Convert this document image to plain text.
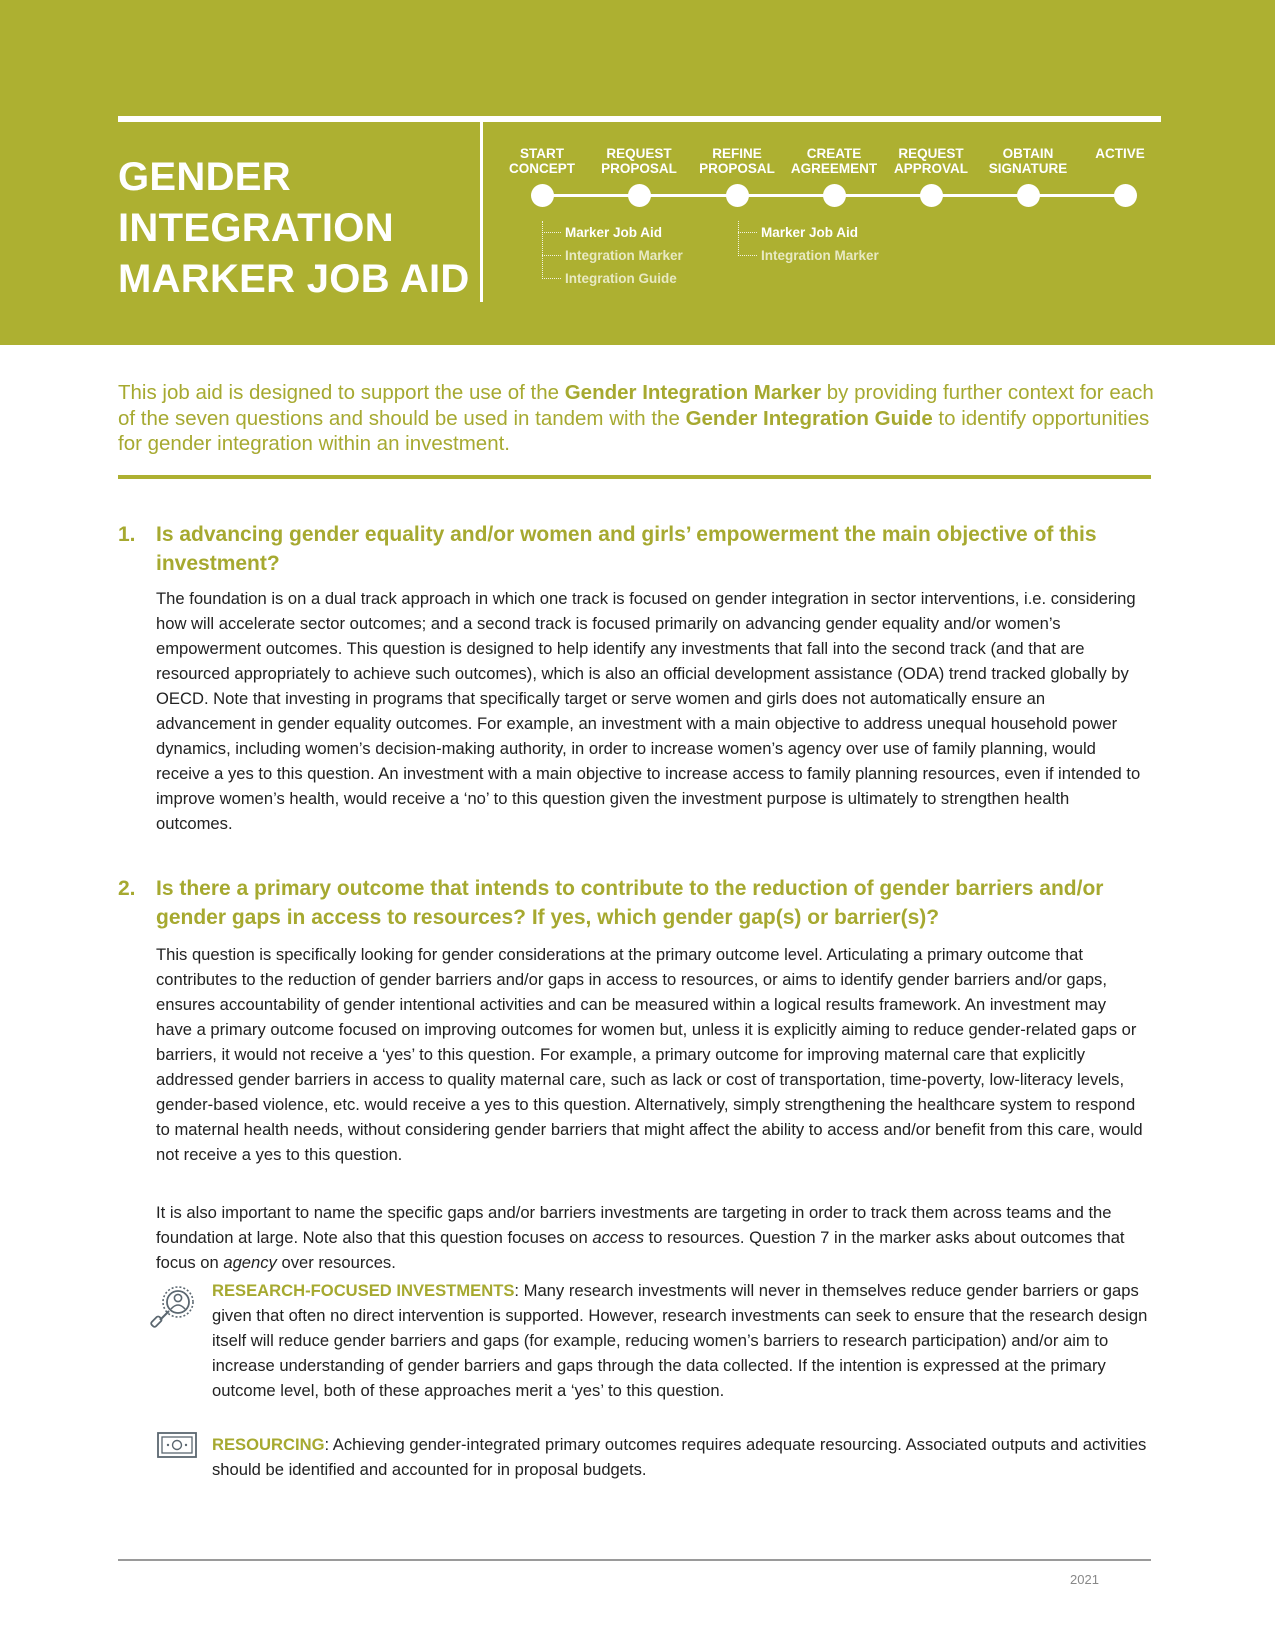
GENDER
INTEGRATION
MARKER JOB AID
START
CONCEPT
REQUEST
PROPOSAL
REFINE
PROPOSAL
CREATE
AGREEMENT
REQUEST
APPROVAL
OBTAIN
SIGNATURE
ACTIVE
Marker Job Aid
Integration Marker
Integration Guide
Marker Job Aid
Integration Marker

This job aid is designed to support the use of the Gender Integration Marker by providing further context for each of the seven questions and should be used in tandem with the Gender Integration Guide to identify opportunities for gender integration within an investment.

1. Is advancing gender equality and/or women and girls’ empowerment the main objective of this investment?

The foundation is on a dual track approach in which one track is focused on gender integration in sector interventions, i.e. considering how will accelerate sector outcomes; and a second track is focused primarily on advancing gender equality and/or women’s empowerment outcomes. This question is designed to help identify any investments that fall into the second track (and that are resourced appropriately to achieve such outcomes), which is also an official development assistance (ODA) trend tracked globally by OECD. Note that investing in programs that specifically target or serve women and girls does not automatically ensure an advancement in gender equality outcomes. For example, an investment with a main objective to address unequal household power dynamics, including women’s decision-making authority, in order to increase women’s agency over use of family planning, would receive a yes to this question. An investment with a main objective to increase access to family planning resources, even if intended to improve women’s health, would receive a ‘no’ to this question given the investment purpose is ultimately to strengthen health outcomes.

2. Is there a primary outcome that intends to contribute to the reduction of gender barriers and/or gender gaps in access to resources? If yes, which gender gap(s) or barrier(s)?

This question is specifically looking for gender considerations at the primary outcome level. Articulating a primary outcome that contributes to the reduction of gender barriers and/or gaps in access to resources, or aims to identify gender barriers and/or gaps, ensures accountability of gender intentional activities and can be measured within a logical results framework. An investment may have a primary outcome focused on improving outcomes for women but, unless it is explicitly aiming to reduce gender-related gaps or barriers, it would not receive a ‘yes’ to this question. For example, a primary outcome for improving maternal care that explicitly addressed gender barriers in access to quality maternal care, such as lack or cost of transportation, time-poverty, low-literacy levels, gender-based violence, etc. would receive a yes to this question. Alternatively, simply strengthening the healthcare system to respond to maternal health needs, without considering gender barriers that might affect the ability to access and/or benefit from this care, would not receive a yes to this question.

It is also important to name the specific gaps and/or barriers investments are targeting in order to track them across teams and the foundation at large. Note also that this question focuses on access to resources. Question 7 in the marker asks about outcomes that focus on agency over resources.

RESEARCH-FOCUSED INVESTMENTS: Many research investments will never in themselves reduce gender barriers or gaps given that often no direct intervention is supported. However, research investments can seek to ensure that the research design itself will reduce gender barriers and gaps (for example, reducing women’s barriers to research participation) and/or aim to increase understanding of gender barriers and gaps through the data collected. If the intention is expressed at the primary outcome level, both of these approaches merit a ‘yes’ to this question.

RESOURCING: Achieving gender-integrated primary outcomes requires adequate resourcing. Associated outputs and activities should be identified and accounted for in proposal budgets.

2021
